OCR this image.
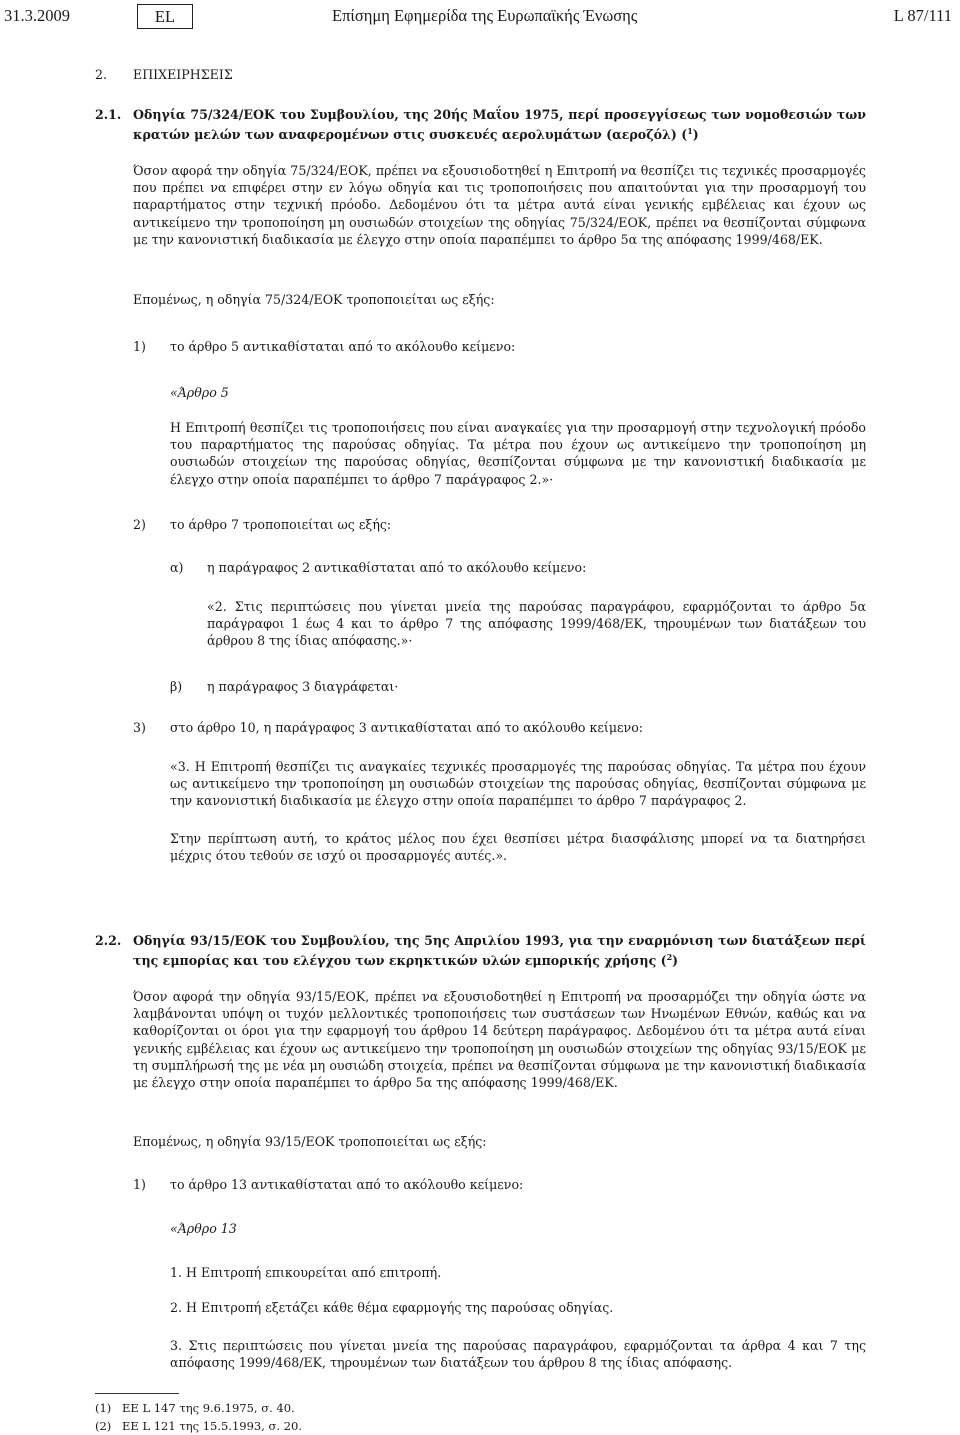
31.3.2009	EL	Επίσημη Εφημερίδα της Ευρωπαϊκής Ένωσης	L 87/111
2. ΕΠΙΧΕΙΡΗΣΕΙΣ
2.1. Οδηγία 75/324/ΕΟΚ του Συμβουλίου, της 20ής Μαΐου 1975, περί προσεγγίσεως των νομοθεσιών των κρατών μελών των αναφερομένων στις συσκευές αερολυμάτων (αεροζόλ) ($^1$)

Όσον αφορά την οδηγία 75/324/ΕΟΚ, πρέπει να εξουσιοδοτηθεί η Επιτροπή να θεσπίζει τις τεχνικές προσαρμογές που πρέπει να επιφέρει στην εν λόγω οδηγία και τις τροποποιήσεις που απαιτούνται για την προσαρμογή του παραρτήματος στην τεχνική πρόοδο. Δεδομένου ότι τα μέτρα αυτά είναι γενικής εμβέλειας και έχουν ως αντικείμενο την τροποποίηση μη ουσιωδών στοιχείων της οδηγίας 75/324/ΕΟΚ, πρέπει να θεσπίζονται σύμφωνα με την κανονιστική διαδικασία με έλεγχο στην οποία παραπέμπει το άρθρο 5α της απόφασης 1999/468/ΕΚ.

Επομένως, η οδηγία 75/324/ΕΟΚ τροποποιείται ως εξής:

1) το άρθρο 5 αντικαθίσταται από το ακόλουθο κείμενο:

«Άρθρο 5

Η Επιτροπή θεσπίζει τις τροποποιήσεις που είναι αναγκαίες για την προσαρμογή στην τεχνολογική πρόοδο του παραρτήματος της παρούσας οδηγίας. Τα μέτρα που έχουν ως αντικείμενο την τροποποίηση μη ουσιωδών στοιχείων της παρούσας οδηγίας, θεσπίζονται σύμφωνα με την κανονιστική διαδικασία με έλεγχο στην οποία παραπέμπει το άρθρο 7 παράγραφος 2.»·

2) το άρθρο 7 τροποποιείται ως εξής:

α) η παράγραφος 2 αντικαθίσταται από το ακόλουθο κείμενο:

«2. Στις περιπτώσεις που γίνεται μνεία της παρούσας παραγράφου, εφαρμόζονται το άρθρο 5α παράγραφοι 1 έως 4 και το άρθρο 7 της απόφασης 1999/468/ΕΚ, τηρουμένων των διατάξεων του άρθρου 8 της ίδιας απόφασης.»·

β) η παράγραφος 3 διαγράφεται·

3) στο άρθρο 10, η παράγραφος 3 αντικαθίσταται από το ακόλουθο κείμενο:

«3. Η Επιτροπή θεσπίζει τις αναγκαίες τεχνικές προσαρμογές της παρούσας οδηγίας. Τα μέτρα που έχουν ως αντικείμενο την τροποποίηση μη ουσιωδών στοιχείων της παρούσας οδηγίας, θεσπίζονται σύμφωνα με την κανονιστική διαδικασία με έλεγχο στην οποία παραπέμπει το άρθρο 7 παράγραφος 2.

Στην περίπτωση αυτή, το κράτος μέλος που έχει θεσπίσει μέτρα διασφάλισης μπορεί να τα διατηρήσει μέχρις ότου τεθούν σε ισχύ οι προσαρμογές αυτές.».

2.2. Οδηγία 93/15/ΕΟΚ του Συμβουλίου, της 5ης Απριλίου 1993, για την εναρμόνιση των διατάξεων περί της εμπορίας και του ελέγχου των εκρηκτικών υλών εμπορικής χρήσης ($^2$)

Όσον αφορά την οδηγία 93/15/ΕΟΚ, πρέπει να εξουσιοδοτηθεί η Επιτροπή να προσαρμόζει την οδηγία ώστε να λαμβάνονται υπόψη οι τυχόν μελλοντικές τροποποιήσεις των συστάσεων των Ηνωμένων Εθνών, καθώς και να καθορίζονται οι όροι για την εφαρμογή του άρθρου 14 δεύτερη παράγραφος. Δεδομένου ότι τα μέτρα αυτά είναι γενικής εμβέλειας και έχουν ως αντικείμενο την τροποποίηση μη ουσιωδών στοιχείων της οδηγίας 93/15/ΕΟΚ με τη συμπλήρωσή της με νέα μη ουσιώδη στοιχεία, πρέπει να θεσπίζονται σύμφωνα με την κανονιστική διαδικασία με έλεγχο στην οποία παραπέμπει το άρθρο 5α της απόφασης 1999/468/ΕΚ.

Επομένως, η οδηγία 93/15/ΕΟΚ τροποποιείται ως εξής:

1) το άρθρο 13 αντικαθίσταται από το ακόλουθο κείμενο:

«Άρθρο 13

1. Η Επιτροπή επικουρείται από επιτροπή.

2. Η Επιτροπή εξετάζει κάθε θέμα εφαρμογής της παρούσας οδηγίας.

3. Στις περιπτώσεις που γίνεται μνεία της παρούσας παραγράφου, εφαρμόζονται τα άρθρα 4 και 7 της απόφασης 1999/468/ΕΚ, τηρουμένων των διατάξεων του άρθρου 8 της ίδιας απόφασης.

(1) ΕΕ L 147 της 9.6.1975, σ. 40.
(2) ΕΕ L 121 της 15.5.1993, σ. 20.
